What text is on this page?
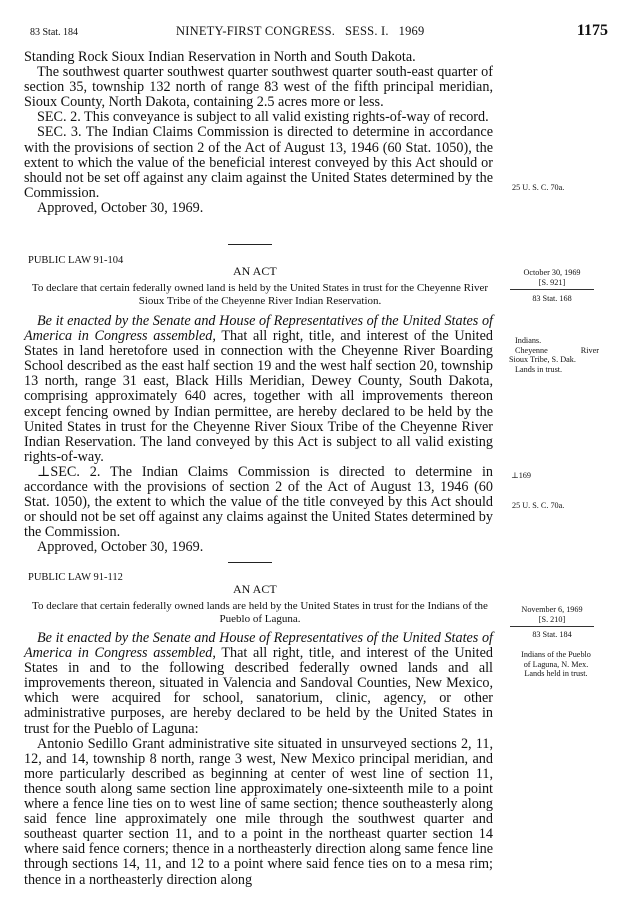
83 Stat. 184	NINETY-FIRST CONGRESS.   SESS. I.   1969	1175

Standing Rock Sioux Indian Reservation in North and South Dakota.

The southwest quarter southwest quarter southwest quarter south-east quarter of section 35, township 132 north of range 83 west of the fifth principal meridian, Sioux County, North Dakota, containing 2.5 acres more or less.

SEC. 2. This conveyance is subject to all valid existing rights-of-way of record.

SEC. 3. The Indian Claims Commission is directed to determine in accordance with the provisions of section 2 of the Act of August 13, 1946 (60 Stat. 1050), the extent to which the value of the beneficial interest conveyed by this Act should or should not be set off against any claim against the United States determined by the Commission.

Approved, October 30, 1969.

PUBLIC LAW 91-104
AN ACT
To declare that certain federally owned land is held by the United States in trust for the Cheyenne River Sioux Tribe of the Cheyenne River Indian Reservation.

Be it enacted by the Senate and House of Representatives of the United States of America in Congress assembled, That all right, title, and interest of the United States in land heretofore used in connection with the Cheyenne River Boarding School described as the east half section 19 and the west half section 20, township 13 north, range 31 east, Black Hills Meridian, Dewey County, South Dakota, comprising approximately 640 acres, together with all improvements thereon except fencing owned by Indian permittee, are hereby declared to be held by the United States in trust for the Cheyenne River Sioux Tribe of the Cheyenne River Indian Reservation. The land conveyed by this Act is subject to all valid existing rights-of-way.

⊥SEC. 2. The Indian Claims Commission is directed to determine in accordance with the provisions of section 2 of the Act of August 13, 1946 (60 Stat. 1050), the extent to which the value of the title conveyed by this Act should or should not be set off against any claims against the United States determined by the Commission.

Approved, October 30, 1969.

PUBLIC LAW 91-112
AN ACT
To declare that certain federally owned lands are held by the United States in trust for the Indians of the Pueblo of Laguna.

Be it enacted by the Senate and House of Representatives of the United States of America in Congress assembled, That all right, title, and interest of the United States in and to the following described federally owned lands and all improvements thereon, situated in Valencia and Sandoval Counties, New Mexico, which were acquired for school, sanatorium, clinic, agency, or other administrative purposes, are hereby declared to be held by the United States in trust for the Pueblo of Laguna:

Antonio Sedillo Grant administrative site situated in unsurveyed sections 2, 11, 12, and 14, township 8 north, range 3 west, New Mexico principal meridian, and more particularly described as beginning at center of west line of section 11, thence south along same section line approximately one-sixteenth mile to a point where a fence line ties on to west line of same section; thence southeasterly along said fence line approximately one mile through the southwest quarter and southeast quarter section 11, and to a point in the northeast quarter section 14 where said fence corners; thence in a northeasterly direction along same fence line through sections 14, 11, and 12 to a point where said fence ties on to a mesa rim; thence in a northeasterly direction along

25 U. S. C. 70a.
October 30, 1969
[S. 921]
83 Stat. 168
Indians.
Cheyenne	River
Sioux Tribe, S. Dak.
Lands in trust.
⊥169
25 U. S. C. 70a.
November 6, 1969
[S. 210]
83 Stat. 184
Indians of the Pueblo
of Laguna, N. Mex.
Lands held in trust.
